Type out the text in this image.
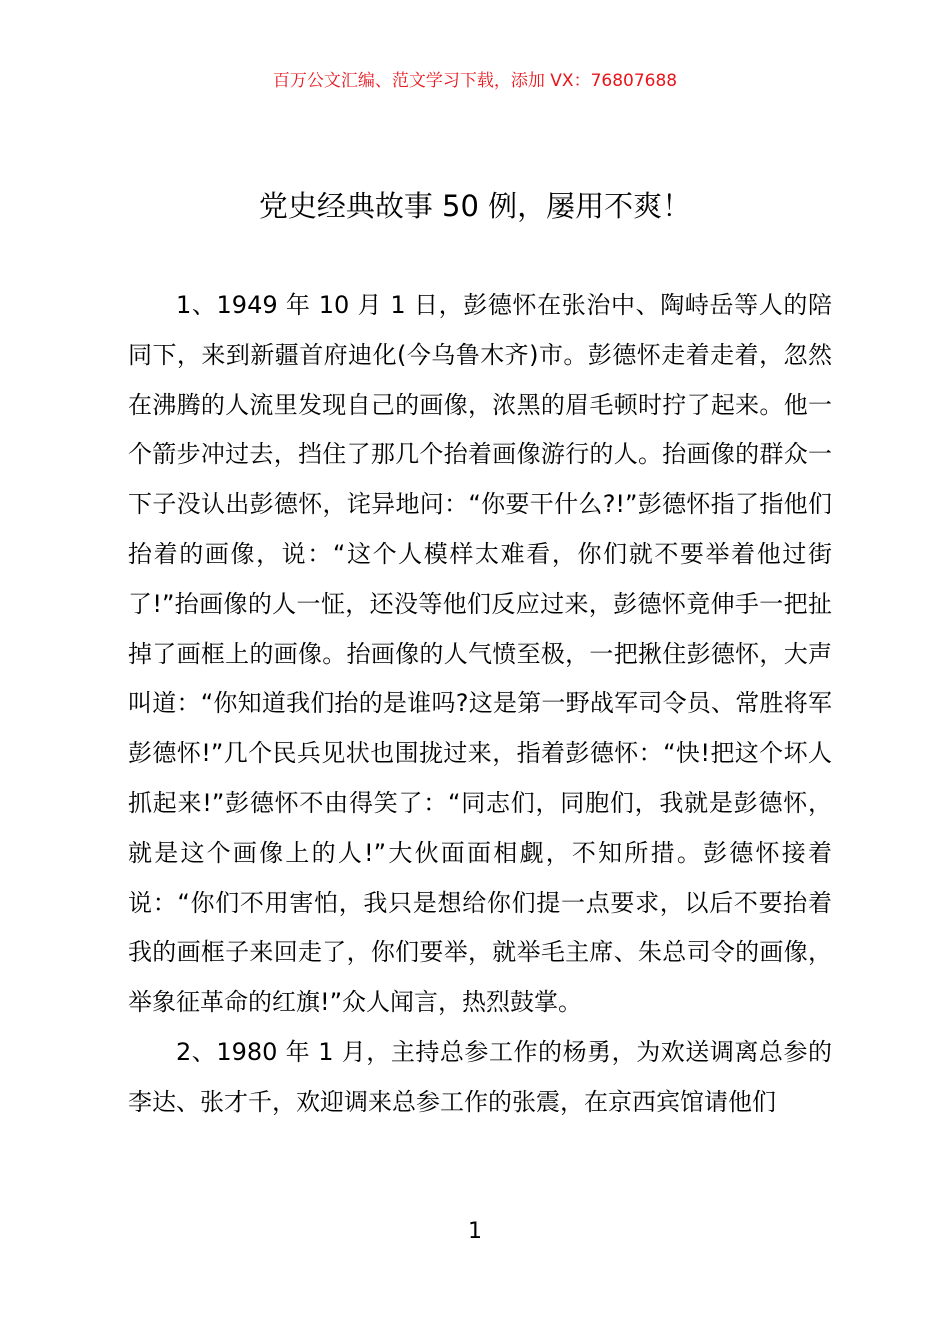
百万公文汇编、范文学习下载，添加 VX：76807688
党史经典故事 50 例，屡用不爽！

1、1949 年 10 月 1 日，彭德怀在张治中、陶峙岳等人的陪同下，来到新疆首府迪化(今乌鲁木齐)市。彭德怀走着走着，忽然在沸腾的人流里发现自己的画像，浓黑的眉毛顿时拧了起来。他一个箭步冲过去，挡住了那几个抬着画像游行的人。抬画像的群众一下子没认出彭德怀，诧异地问：“你要干什么?!”彭德怀指了指他们抬着的画像，说：“这个人模样太难看，你们就不要举着他过街了!”抬画像的人一怔，还没等他们反应过来，彭德怀竟伸手一把扯掉了画框上的画像。抬画像的人气愤至极，一把揪住彭德怀，大声叫道：“你知道我们抬的是谁吗?这是第一野战军司令员、常胜将军彭德怀!”几个民兵见状也围拢过来，指着彭德怀：“快!把这个坏人抓起来!”彭德怀不由得笑了：“同志们，同胞们，我就是彭德怀，就是这个画像上的人!”大伙面面相觑，不知所措。彭德怀接着说：“你们不用害怕，我只是想给你们提一点要求，以后不要抬着我的画框子来回走了，你们要举，就举毛主席、朱总司令的画像，举象征革命的红旗!”众人闻言，热烈鼓掌。

2、1980 年 1 月，主持总参工作的杨勇，为欢送调离总参的李达、张才千，欢迎调来总参工作的张震，在京西宾馆请他们

1
